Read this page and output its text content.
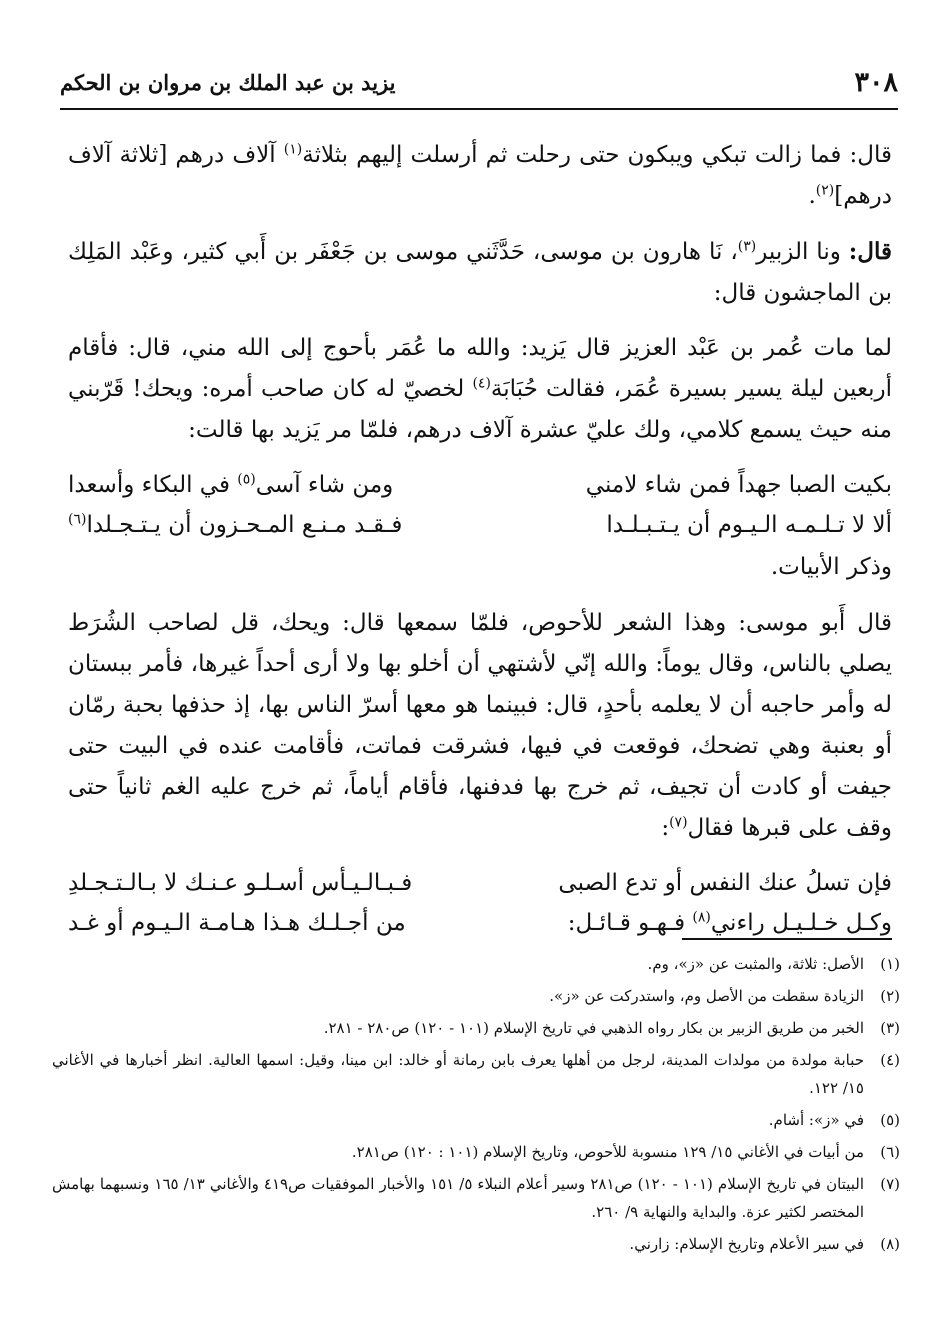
٣٠٨
يزيد بن عبد الملك بن مروان بن الحكم

قال: فما زالت تبكي ويبكون حتى رحلت ثم أرسلت إليهم بثلاثة$^{(١)}$ آلاف درهم [ثلاثة آلاف درهم]$^{(٢)}$.

قال: ونا الزبير$^{(٣)}$، نَا هارون بن موسى، حَدَّثَني موسى بن جَعْفَر بن أَبي كثير، وعَبْد المَلِك بن الماجشون قال:

لما مات عُمر بن عَبْد العزيز قال يَزيد: والله ما عُمَر بأحوج إلى الله مني، قال: فأقام أربعين ليلة يسير بسيرة عُمَر، فقالت حُبَابَة$^{(٤)}$ لخصيّ له كان صاحب أمره: ويحك! قَرّبني منه حيث يسمع كلامي، ولك عليّ عشرة آلاف درهم، فلمّا مر يَزيد بها قالت:

بكيت الصبا جهداً فمن شاء لامني
ومن شاء آسى$^{(٥)}$ في البكاء وأسعدا
ألا لا تـلـمـه الـيـوم أن يـتـبـلـدا
فـقـد مـنـع المـحـزون أن يـتـجـلدا$^{(٦)}$

وذكر الأبيات.

قال أَبو موسى: وهذا الشعر للأحوص، فلمّا سمعها قال: ويحك، قل لصاحب الشُرَط يصلي بالناس، وقال يوماً: والله إنّي لأشتهي أن أخلو بها ولا أرى أحداً غيرها، فأمر ببستان له وأمر حاجبه أن لا يعلمه بأحدٍ، قال: فبينما هو معها أسرّ الناس بها، إذ حذفها بحبة رمّان أو بعنبة وهي تضحك، فوقعت في فيها، فشرقت فماتت، فأقامت عنده في البيت حتى جيفت أو كادت أن تجيف، ثم خرج بها فدفنها، فأقام أياماً، ثم خرج عليه الغم ثانياً حتى وقف على قبرها فقال$^{(٧)}$:

فإن تسلُ عنك النفس أو تدع الصبى
فـبـالـيـأس أسـلـو عـنـك لا بـالـتـجـلدِ
وكـل خـلـيـل راءني$^{(٨)}$ فـهـو قـائـل:
من أجـلـك هـذا هـامـة الـيـوم أو غـد
(١)
الأصل: ثلاثة، والمثبت عن «ز»، وم.
(٢)
الزيادة سقطت من الأصل وم، واستدركت عن «ز».
(٣)
الخبر من طريق الزبير بن بكار رواه الذهبي في تاريخ الإسلام (١٠١ - ١٢٠) ص٢٨٠ - ٢٨١.
(٤)
حبابة مولدة من مولدات المدينة، لرجل من أهلها يعرف بابن رمانة أو خالد: ابن مينا، وقيل: اسمها العالية. انظر أخبارها في الأغاني ١٥/ ١٢٢.
(٥)
في «ز»: أشام.
(٦)
من أبيات في الأغاني ١٥/ ١٢٩ منسوبة للأحوص، وتاريخ الإسلام (١٠١ : ١٢٠) ص٢٨١.
(٧)
البيتان في تاريخ الإسلام (١٠١ - ١٢٠) ص٢٨١ وسير أعلام النبلاء ٥/ ١٥١ والأخبار الموفقيات ص٤١٩ والأغاني ١٣/ ١٦٥ ونسبهما بهامش المختصر لكثير عزة. والبداية والنهاية ٩/ ٢٦٠.
(٨)
في سير الأعلام وتاريخ الإسلام: زارني.
